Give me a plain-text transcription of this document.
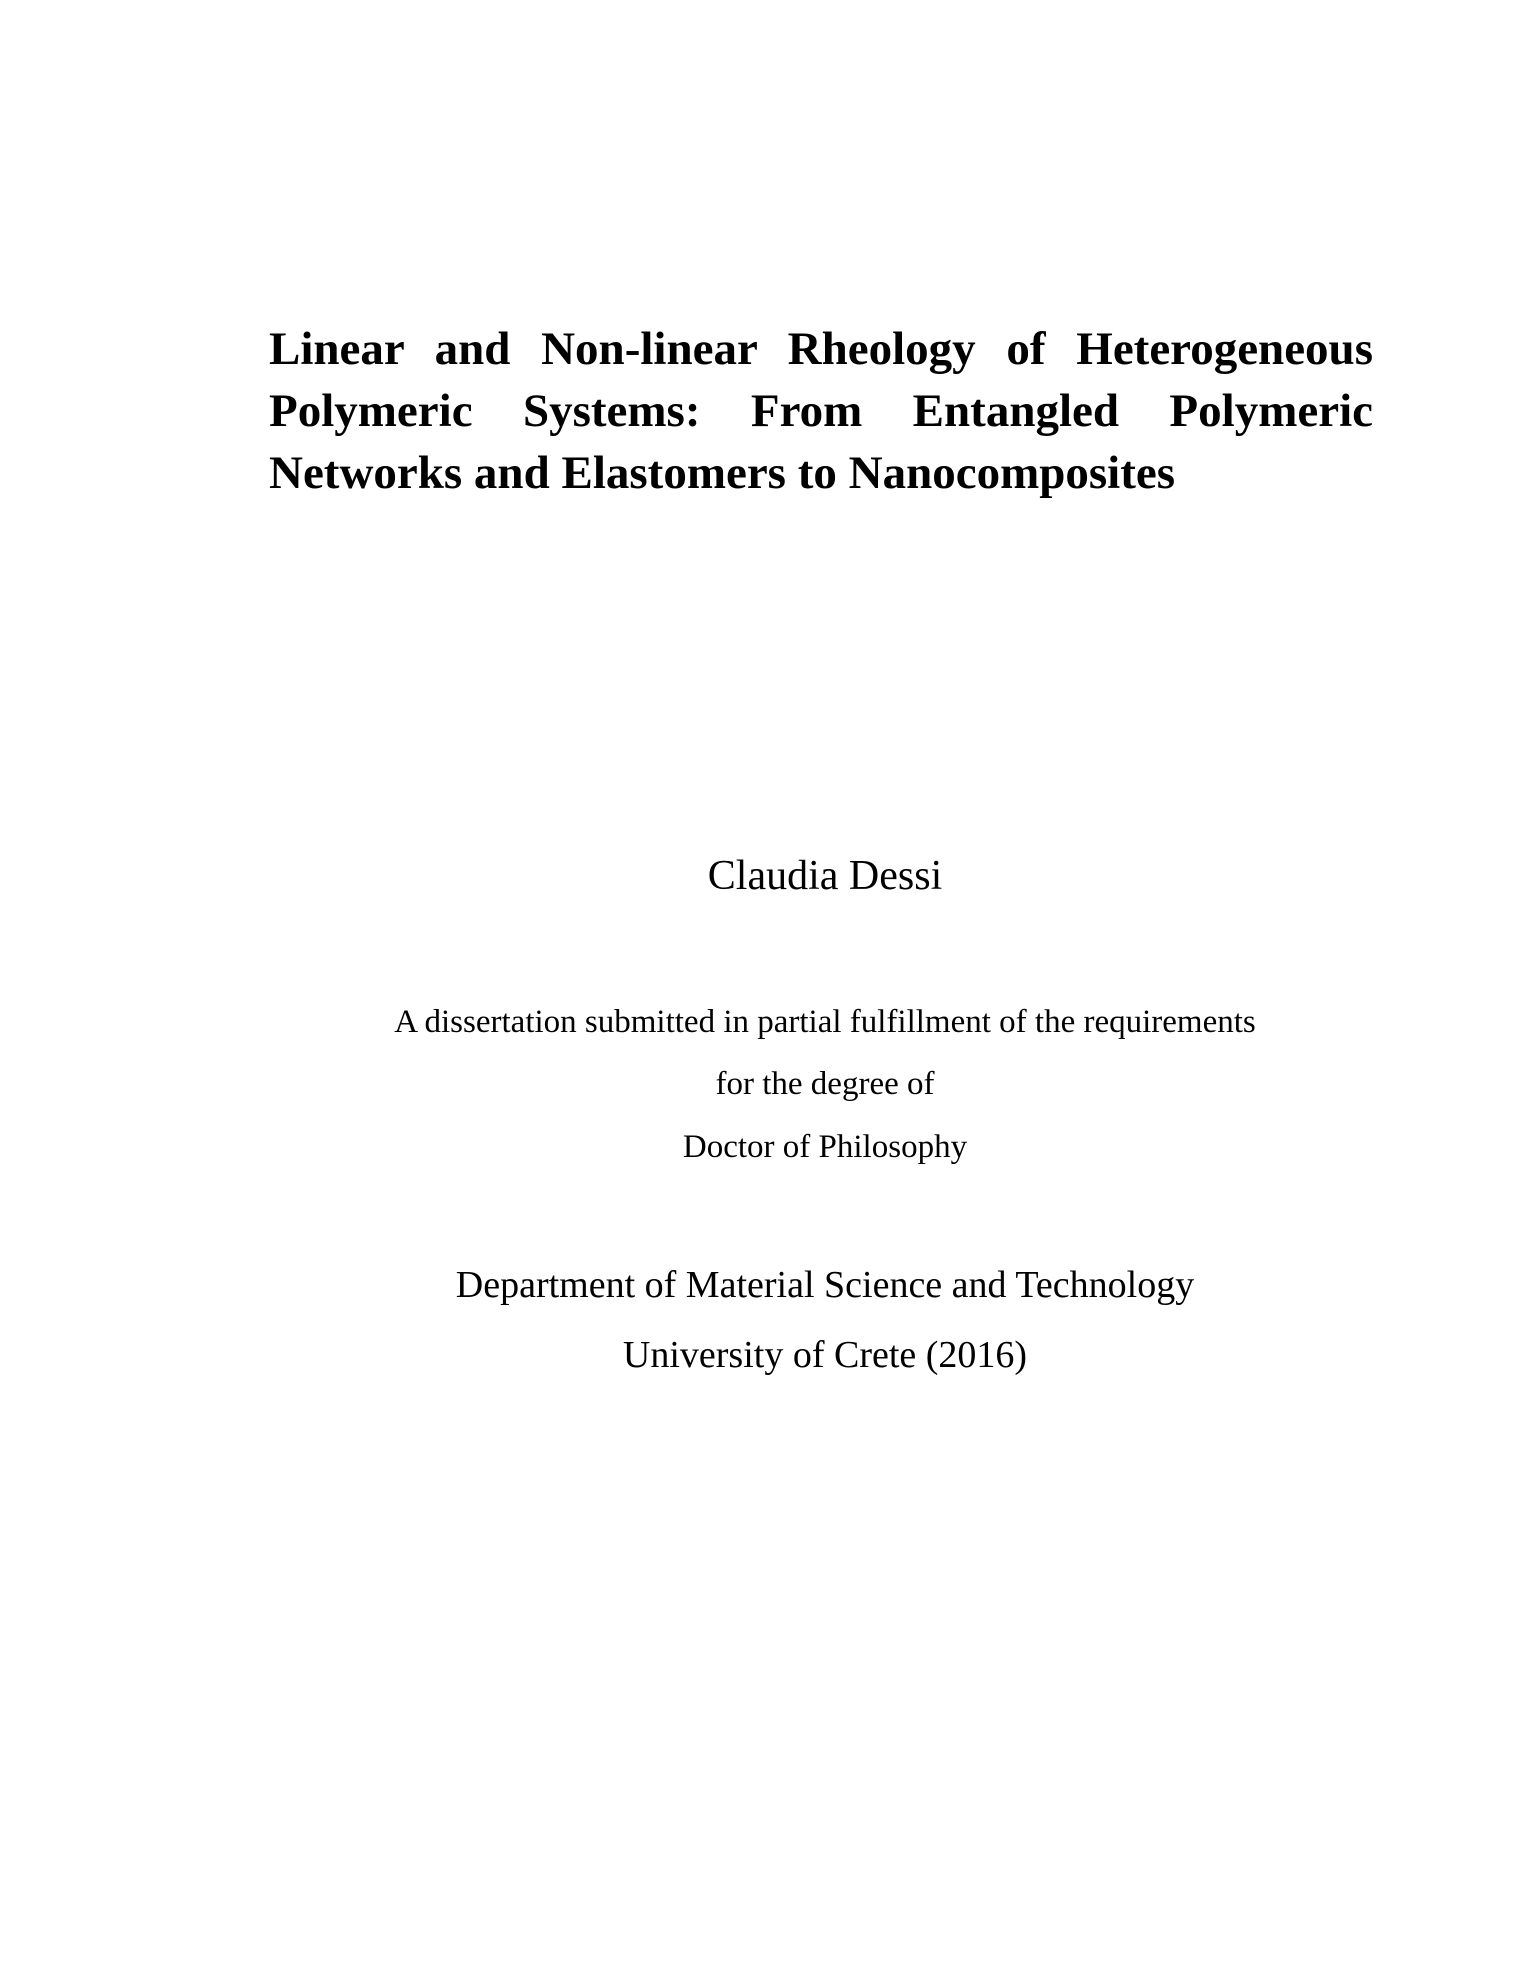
Linear and Non-linear Rheology of Heterogeneous
Polymeric Systems: From Entangled Polymeric
Networks and Elastomers to Nanocomposites
Claudia Dessi
A dissertation submitted in partial fulfillment of the requirements
for the degree of
Doctor of Philosophy
Department of Material Science and Technology
University of Crete (2016)
